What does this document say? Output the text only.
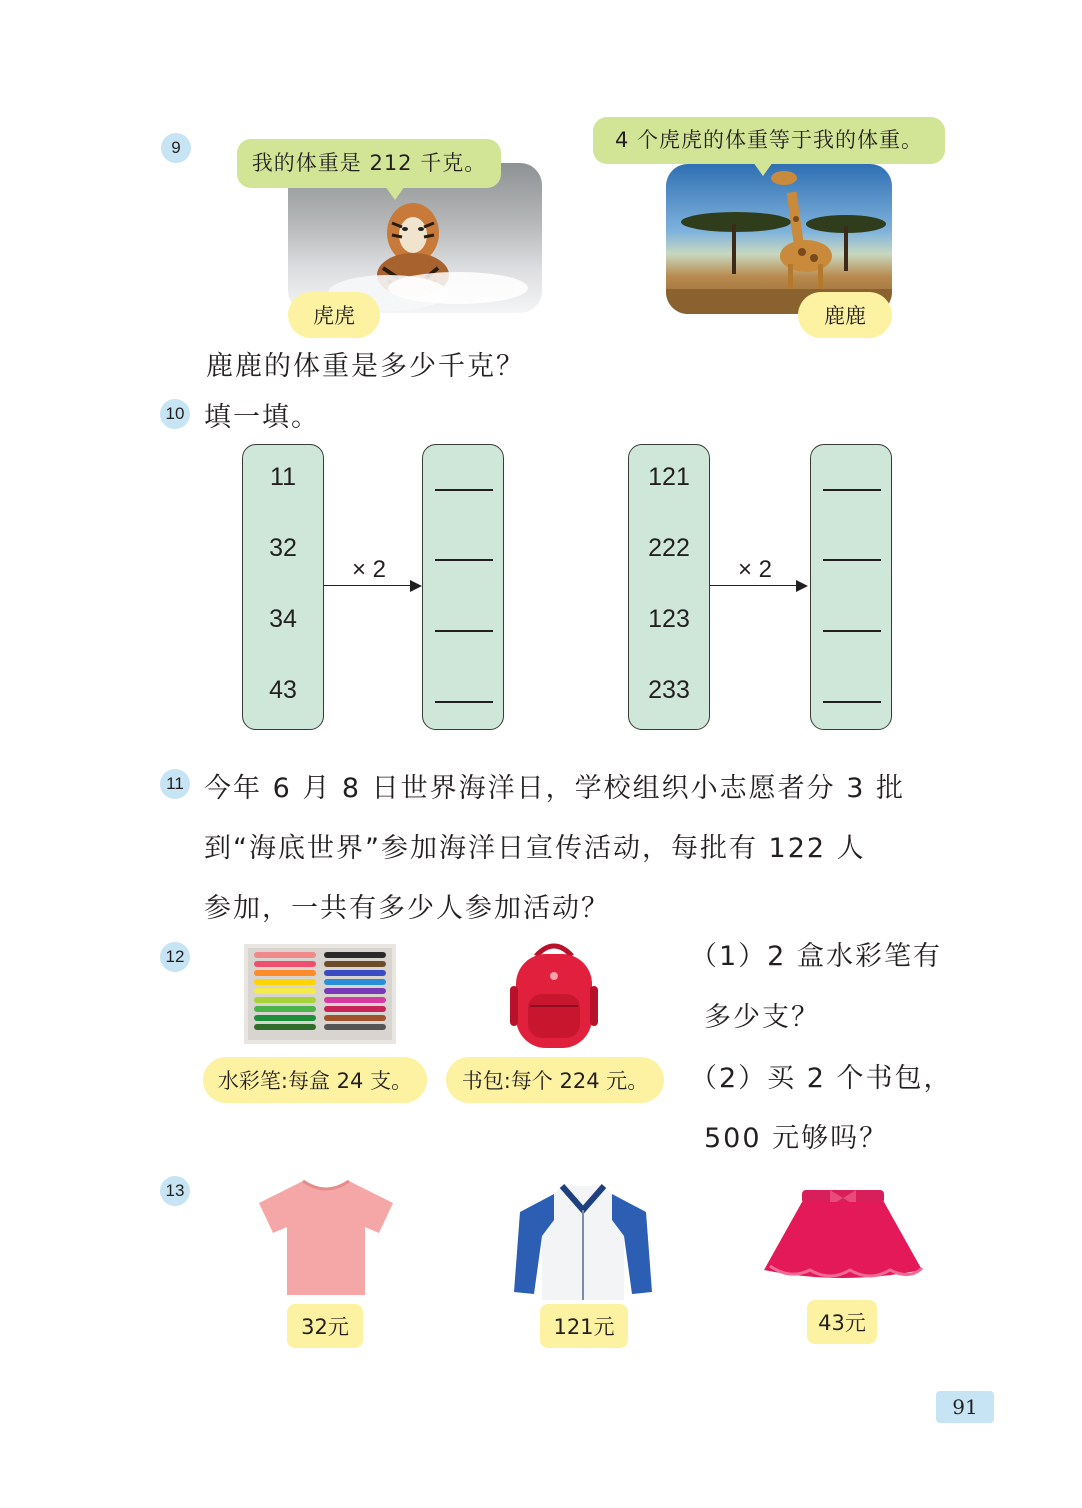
9
我的体重是 212 千克。
虎虎
4 个虎虎的体重等于我的体重。
鹿鹿
鹿鹿的体重是多少千克？
10 填一填。
11
32
34
43
× 2
121
222
123
233
× 2
11 今年 6 月 8 日世界海洋日，学校组织小志愿者分 3 批
到“海底世界”参加海洋日宣传活动，每批有 122 人
参加，一共有多少人参加活动？
12
水彩笔:每盒 24 支。	书包:每个 224 元。
（1）2 盒水彩笔有
多少支？
（2）买 2 个书包，
500 元够吗？
13
32元	121元	43元
91
